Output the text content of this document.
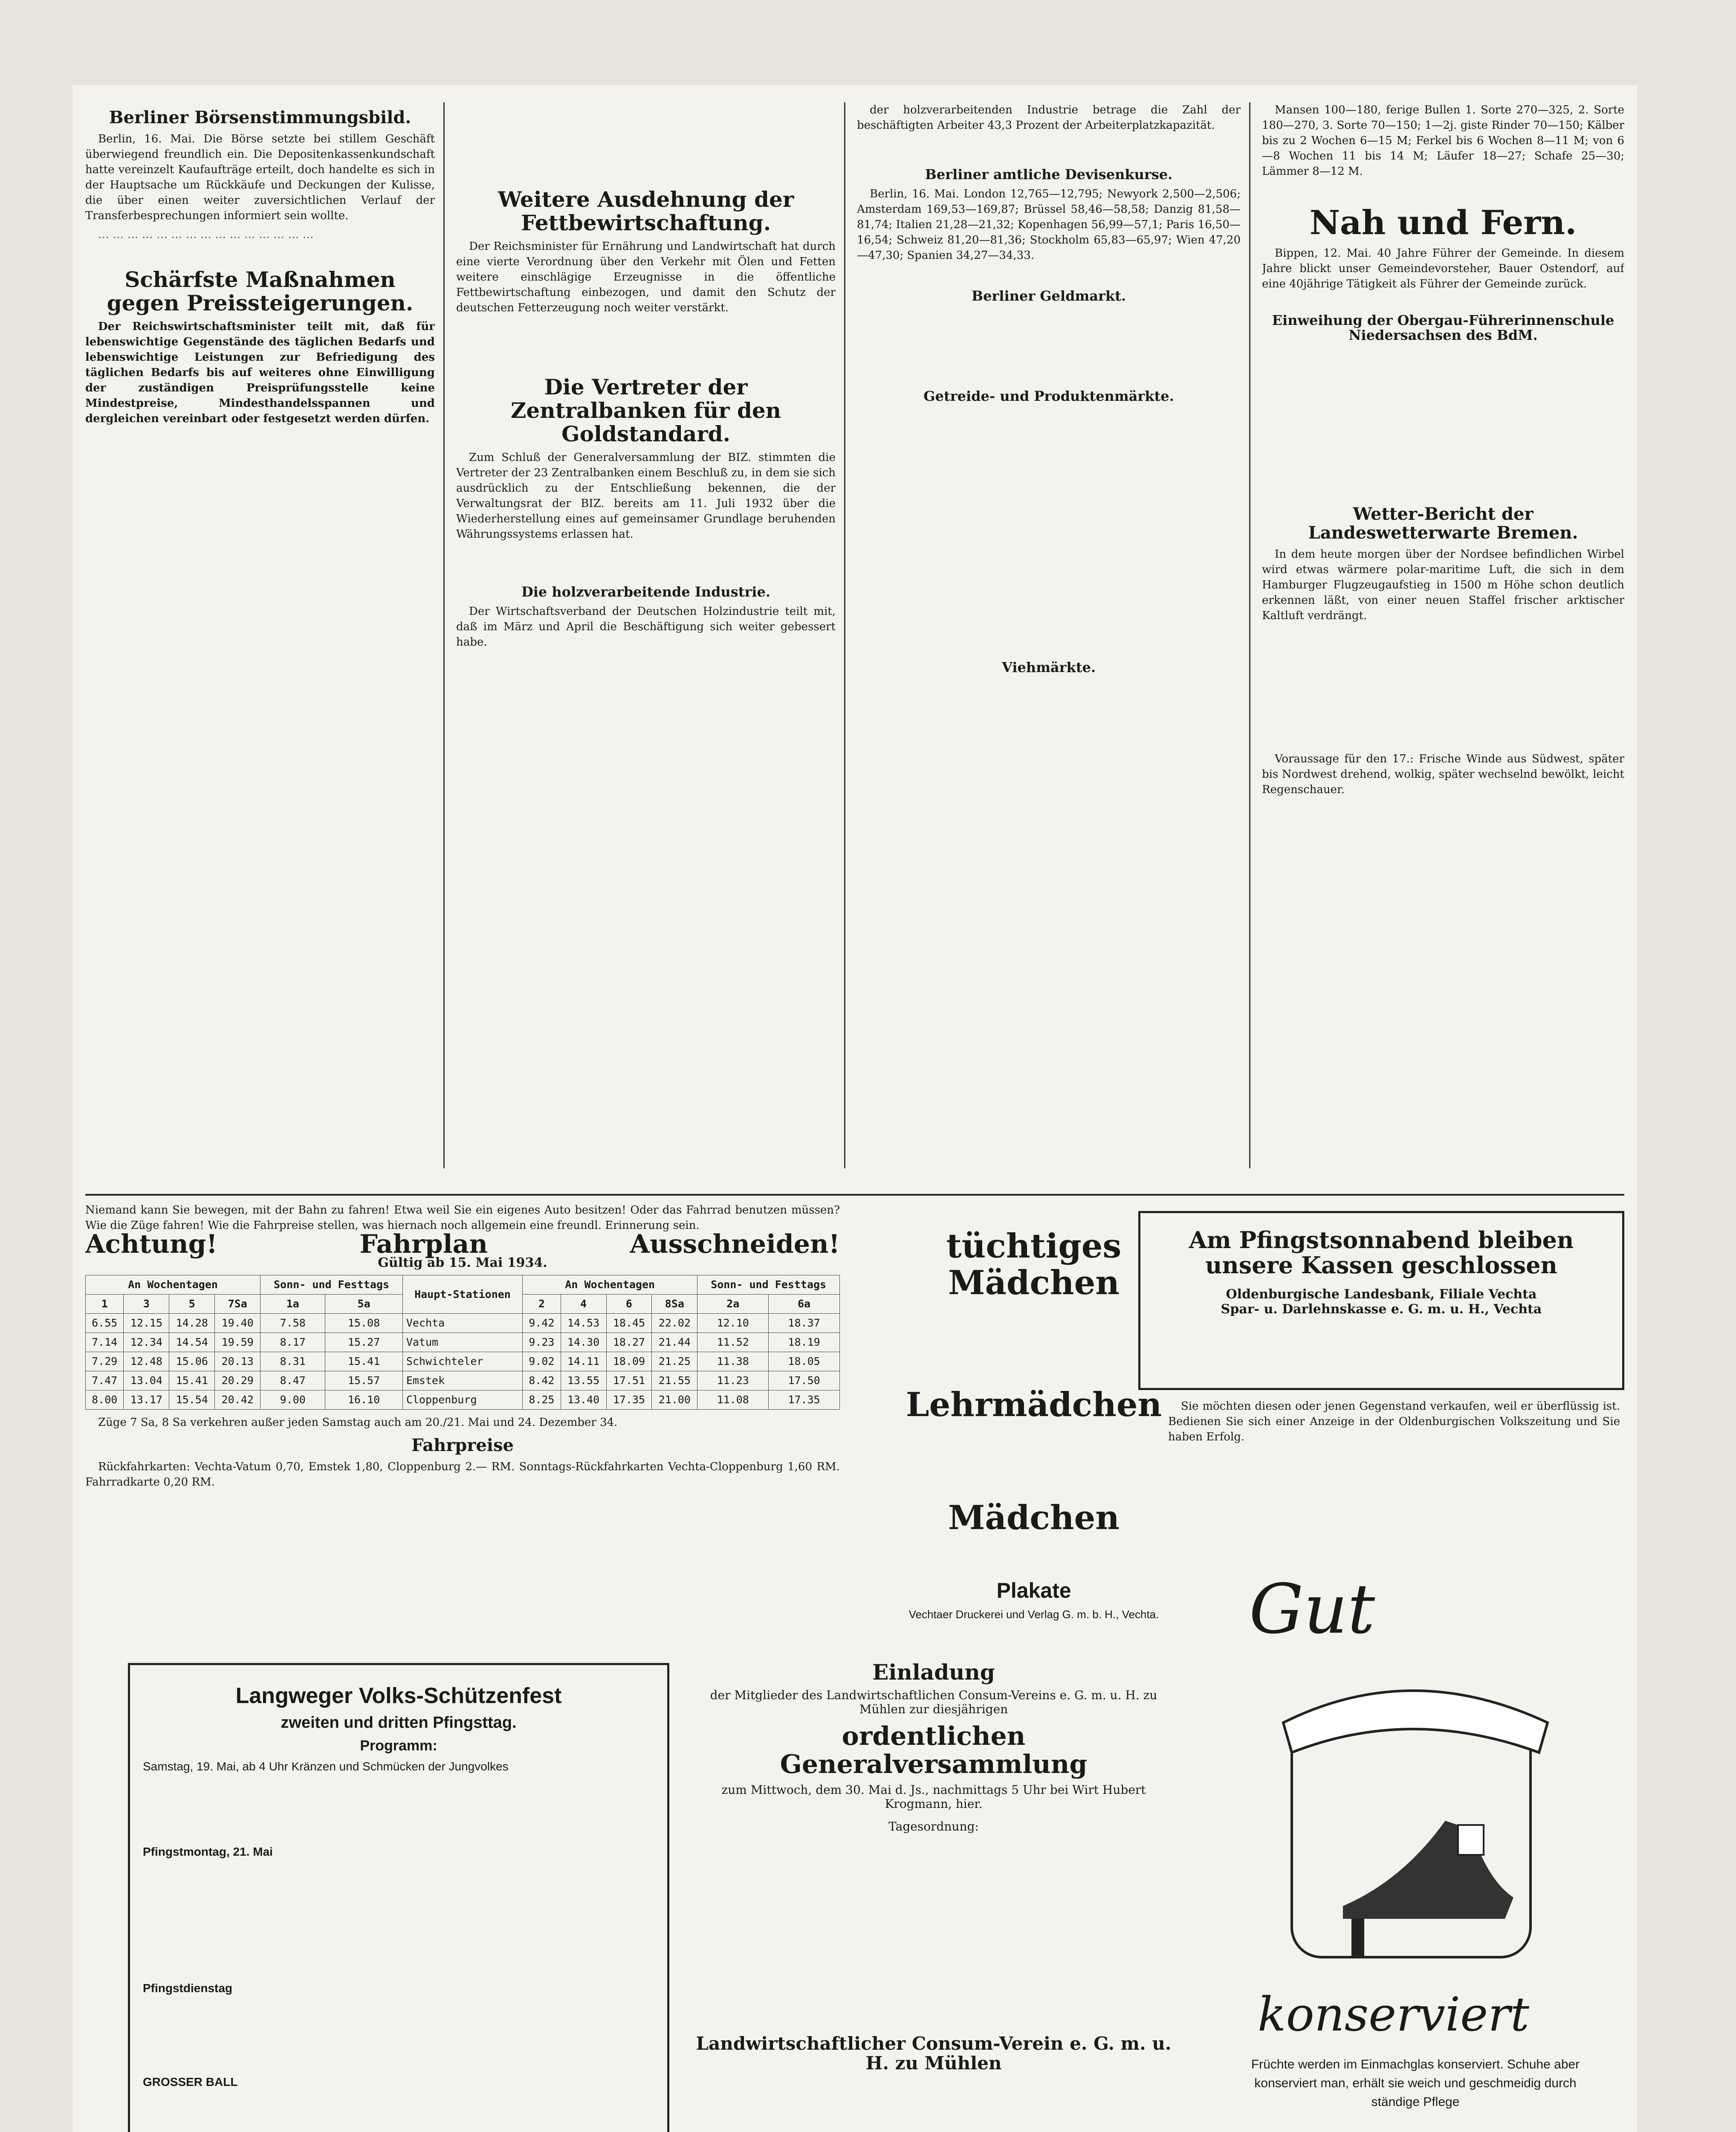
Berliner Börsenstimmungsbild.

Berlin, 16. Mai. Die Börse setzte bei stillem Geschäft überwiegend freundlich ein. Die Depositenkassenkundschaft hatte vereinzelt Kaufaufträge erteilt, doch handelte es sich in der Hauptsache um Rückkäufe und Deckungen der Kulisse, die über einen weiter zuversichtlichen Verlauf der Transferbesprechungen informiert sein wollte.

… … … … … … … … … … … … … … …

Schärfste Maßnahmen gegen Preissteigerungen.

Der Reichswirtschaftsminister teilt mit, daß für lebenswichtige Gegenstände des täglichen Bedarfs und lebenswichtige Leistungen zur Befriedigung des täglichen Bedarfs bis auf weiteres ohne Einwilligung der zuständigen Preisprüfungsstelle keine Mindestpreise, Mindesthandelsspannen und dergleichen vereinbart oder festgesetzt werden dürfen.

Weitere Ausdehnung der Fettbewirtschaftung.

Der Reichsminister für Ernährung und Landwirtschaft hat durch eine vierte Verordnung über den Verkehr mit Ölen und Fetten weitere einschlägige Erzeugnisse in die öffentliche Fettbewirtschaftung einbezogen, und damit den Schutz der deutschen Fetterzeugung noch weiter verstärkt.

Die Vertreter der Zentralbanken für den Goldstandard.

Zum Schluß der Generalversammlung der BIZ. stimmten die Vertreter der 23 Zentralbanken einem Beschluß zu, in dem sie sich ausdrücklich zu der Entschließung bekennen, die der Verwaltungsrat der BIZ. bereits am 11. Juli 1932 über die Wiederherstellung eines auf gemeinsamer Grundlage beruhenden Währungssystems erlassen hat.

Die holzverarbeitende Industrie.

Der Wirtschaftsverband der Deutschen Holzindustrie teilt mit, daß im März und April die Beschäftigung sich weiter gebessert habe.

der holzverarbeitenden Industrie betrage die Zahl der beschäftigten Arbeiter 43,3 Prozent der Arbeiterplatzkapazität.

Berliner amtliche Devisenkurse.

Berlin, 16. Mai. London 12,765—12,795; Newyork 2,500—2,506; Amsterdam 169,53—169,87; Brüssel 58,46—58,58; Danzig 81,58—81,74; Italien 21,28—21,32; Kopenhagen 56,99—57,1; Paris 16,50—16,54; Schweiz 81,20—81,36; Stockholm 65,83—65,97; Wien 47,20—47,30; Spanien 34,27—34,33.

Berliner Geldmarkt.
Getreide- und Produktenmärkte.
Viehmärkte.

Mansen 100—180, ferige Bullen 1. Sorte 270—325, 2. Sorte 180—270, 3. Sorte 70—150; 1—2j. giste Rinder 70—150; Kälber bis zu 2 Wochen 6—15 M; Ferkel bis 6 Wochen 8—11 M; von 6—8 Wochen 11 bis 14 M; Läufer 18—27; Schafe 25—30; Lämmer 8—12 M.

Nah und Fern.

Bippen, 12. Mai. 40 Jahre Führer der Gemeinde. In diesem Jahre blickt unser Gemeindevorsteher, Bauer Ostendorf, auf eine 40jährige Tätigkeit als Führer der Gemeinde zurück.

Einweihung der Obergau-Führerinnenschule Niedersachsen des BdM.
Wetter-Bericht der Landeswetterwarte Bremen.

In dem heute morgen über der Nordsee befindlichen Wirbel wird etwas wärmere polar-maritime Luft, die sich in dem Hamburger Flugzeugaufstieg in 1500 m Höhe schon deutlich erkennen läßt, von einer neuen Staffel frischer arktischer Kaltluft verdrängt.

Voraussage für den 17.: Frische Winde aus Südwest, später bis Nordwest drehend, wolkig, später wechselnd bewölkt, leicht Regenschauer.

Niemand kann Sie bewegen, mit der Bahn zu fahren! Etwa weil Sie ein eigenes Auto besitzen! Oder das Fahrrad benutzen müssen? Wie die Züge fahren! Wie die Fahrpreise stellen, was hiernach noch allgemein eine freundl. Erinnerung sein.

Achtung!	Fahrplan	Ausschneiden!
Gültig ab 15. Mai 1934.
An Wochentagen				Sonn- und Festtags		Haupt-Stationen	An Wochentagen				Sonn- und Festtags	
1	3	5	7Sa	1a	5a		2	4	6	8Sa	2a	6a
6.55	12.15	14.28	19.40	7.58	15.08	Vechta	9.42	14.53	18.45	22.02	12.10	18.37
7.14	12.34	14.54	19.59	8.17	15.27	Vatum	9.23	14.30	18.27	21.44	11.52	18.19
7.29	12.48	15.06	20.13	8.31	15.41	Schwichteler	9.02	14.11	18.09	21.25	11.38	18.05
7.47	13.04	15.41	20.29	8.47	15.57	Emstek	8.42	13.55	17.51	21.55	11.23	17.50
8.00	13.17	15.54	20.42	9.00	16.10	Cloppenburg	8.25	13.40	17.35	21.00	11.08	17.35

Züge 7 Sa, 8 Sa verkehren außer jeden Samstag auch am 20./21. Mai und 24. Dezember 34.

Fahrpreise

Rückfahrkarten: Vechta-Vatum 0,70, Emstek 1,80, Cloppenburg 2.— RM. Sonntags-Rückfahrkarten Vechta-Cloppenburg 1,60 RM. Fahrradkarte 0,20 RM.

Langweger Volks-Schützenfest
zweiten und dritten Pfingsttag.
Programm:
Samstag, 19. Mai, ab 4 Uhr Kränzen und Schmücken der Jungvolkes
Pfingstmontag, 21. Mai
Pfingstdienstag
GROSSER BALL
tüchtiges Mädchen
Lehrmädchen
Mädchen
Plakate
Vechtaer Druckerei und Verlag G. m. b. H., Vechta.
Am Pfingstsonnabend bleiben unsere Kassen geschlossen
Oldenburgische Landesbank, Filiale Vechta
Spar- u. Darlehnskasse e. G. m. u. H., Vechta

Sie möchten diesen oder jenen Gegenstand verkaufen, weil er überflüssig ist. Bedienen Sie sich einer Anzeige in der Oldenburgischen Volkszeitung und Sie haben Erfolg.

Einladung
der Mitglieder des Landwirtschaftlichen Consum-Vereins e. G. m. u. H. zu Mühlen zur diesjährigen
ordentlichen Generalversammlung
zum Mittwoch, dem 30. Mai d. Js., nachmittags 5 Uhr bei Wirt Hubert Krogmann, hier.
Tagesordnung:
Landwirtschaftlicher Consum-Verein e. G. m. u. H. zu Mühlen

Gut
konserviert
Früchte werden im Einmachglas konserviert. Schuhe aber konserviert man, erhält sie weich und geschmeidig durch ständige Pflege
